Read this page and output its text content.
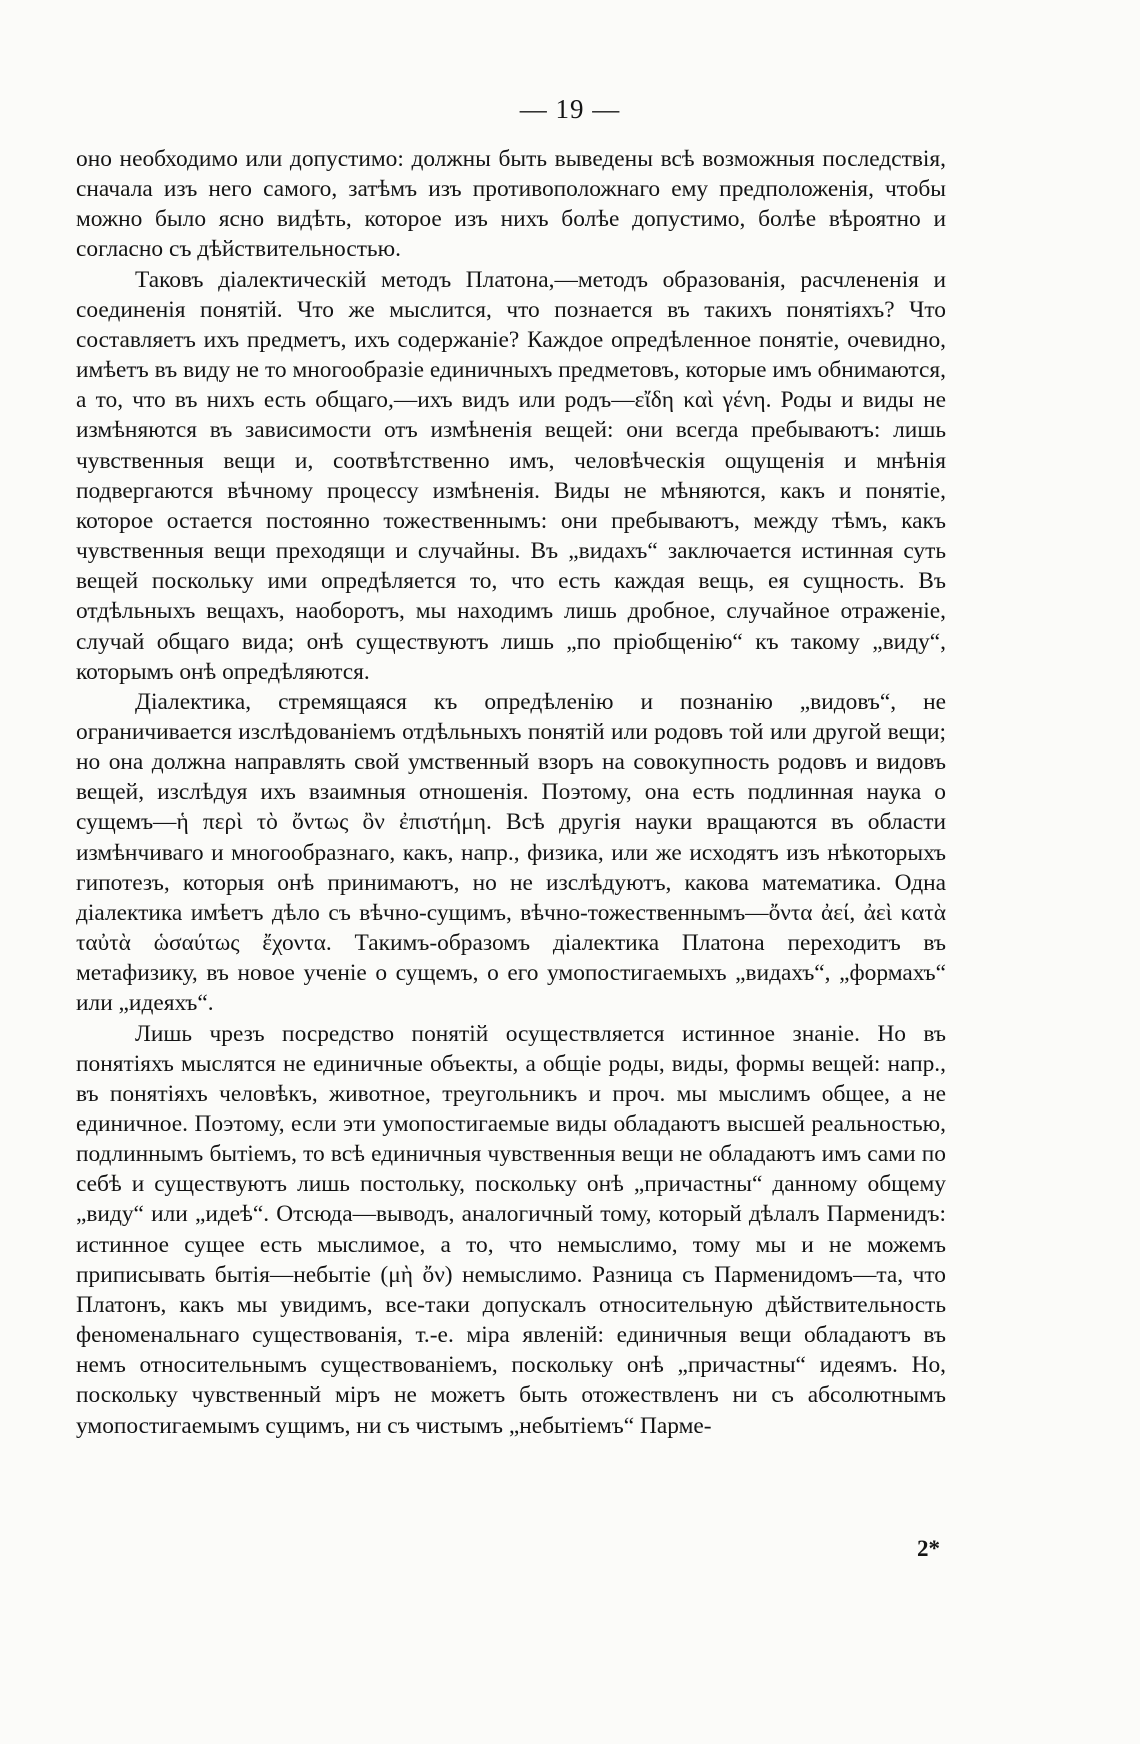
— 19 —

оно необходимо или допустимо: должны быть выведены всѣ возможныя последствія, сначала изъ него самого, затѣмъ изъ противоположнаго ему предположенія, чтобы можно было ясно видѣть, которое изъ нихъ болѣе допустимо, болѣе вѣроятно и согласно съ дѣйствительностью.

Таковъ діалектическій методъ Платона,—методъ образованія, расчлененія и соединенія понятій. Что же мыслится, что познается въ такихъ понятіяхъ? Что составляетъ ихъ предметъ, ихъ содержаніе? Каждое опредѣленное понятіе, очевидно, имѣетъ въ виду не то многообразіе единичныхъ предметовъ, которые имъ обнимаются, а то, что въ нихъ есть общаго,—ихъ видъ или родъ—εἴδη καὶ γένη. Роды и виды не измѣняются въ зависимости отъ измѣненія вещей: они всегда пребываютъ: лишь чувственныя вещи и, соотвѣтственно имъ, человѣческія ощущенія и мнѣнія подвергаются вѣчному процессу измѣненія. Виды не мѣняются, какъ и понятіе, которое остается постоянно тожественнымъ: они пребываютъ, между тѣмъ, какъ чувственныя вещи преходящи и случайны. Въ „видахъ“ заключается истинная суть вещей поскольку ими опредѣляется то, что есть каждая вещь, ея сущность. Въ отдѣльныхъ вещахъ, наоборотъ, мы находимъ лишь дробное, случайное отраженіе, случай общаго вида; онѣ существуютъ лишь „по пріобщенію“ къ такому „виду“, которымъ онѣ опредѣляются.

Діалектика, стремящаяся къ опредѣленію и познанію „видовъ“, не ограничивается изслѣдованіемъ отдѣльныхъ понятій или родовъ той или другой вещи; но она должна направлять свой умственный взоръ на совокупность родовъ и видовъ вещей, изслѣдуя ихъ взаимныя отношенія. Поэтому, она есть подлинная наука о сущемъ—ἡ περὶ τὸ ὄντως ὂν ἐπιστήμη. Всѣ другія науки вращаются въ области измѣнчиваго и многообразнаго, какъ, напр., физика, или же исходятъ изъ нѣкоторыхъ гипотезъ, которыя онѣ принимаютъ, но не изслѣдуютъ, какова математика. Одна діалектика имѣетъ дѣло съ вѣчно-сущимъ, вѣчно-тожественнымъ—ὄντα ἀεί, ἀεὶ κατὰ ταὐτὰ ὡσαύτως ἔχοντα. Такимъ-образомъ діалектика Платона переходитъ въ метафизику, въ новое ученіе о сущемъ, о его умопостигаемыхъ „видахъ“, „формахъ“ или „идеяхъ“.

Лишь чрезъ посредство понятій осуществляется истинное знаніе. Но въ понятіяхъ мыслятся не единичные объекты, а общіе роды, виды, формы вещей: напр., въ понятіяхъ человѣкъ, животное, треугольникъ и проч. мы мыслимъ общее, а не единичное. Поэтому, если эти умопостигаемые виды обладаютъ высшей реальностью, подлиннымъ бытіемъ, то всѣ единичныя чувственныя вещи не обладаютъ имъ сами по себѣ и существуютъ лишь постольку, поскольку онѣ „причастны“ данному общему „виду“ или „идеѣ“. Отсюда—выводъ, аналогичный тому, который дѣлалъ Парменидъ: истинное сущее есть мыслимое, а то, что немыслимо, тому мы и не можемъ приписывать бытія—небытіе (μὴ ὄν) немыслимо. Разница съ Парменидомъ—та, что Платонъ, какъ мы увидимъ, все-таки допускалъ относительную дѣйствительность феноменальнаго существованія, т.-е. міра явленій: единичныя вещи обладаютъ въ немъ относительнымъ существованіемъ, поскольку онѣ „причастны“ идеямъ. Но, поскольку чувственный міръ не можетъ быть отожествленъ ни съ абсолютнымъ умопостигаемымъ сущимъ, ни съ чистымъ „небытіемъ“ Парме-

2*
